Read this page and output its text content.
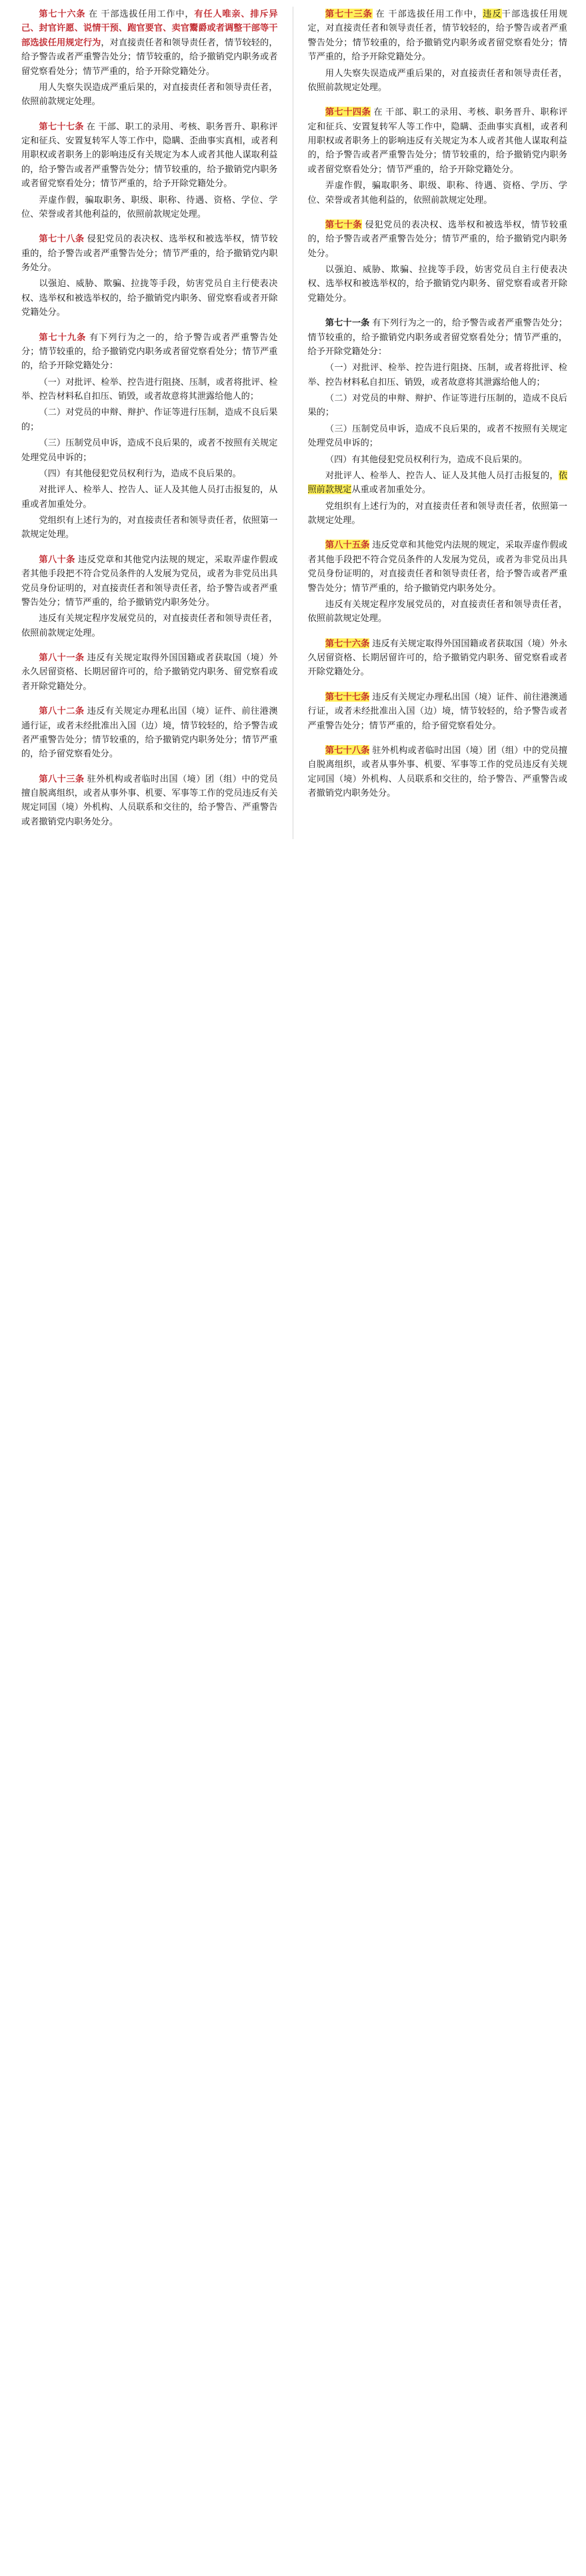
第七十六条 在 干部选拔任用工作中，有任人唯亲、排斥异己、封官许愿、说情干预、跑官要官、卖官鬻爵或者调整干部等干部选拔任用规定行为，对直接责任者和领导责任者，情节较轻的，给予警告或者严重警告处分；情节较重的，给予撤销党内职务或者留党察看处分；情节严重的，给予开除党籍处分。

用人失察失误造成严重后果的，对直接责任者和领导责任者，依照前款规定处理。

第七十七条 在 干部、职工的录用、考核、职务晋升、职称评定和征兵、安置复转军人等工作中，隐瞒、歪曲事实真相，或者利用职权或者职务上的影响违反有关规定为本人或者其他人谋取利益的，给予警告或者严重警告处分；情节较重的，给予撤销党内职务或者留党察看处分；情节严重的，给予开除党籍处分。

弄虚作假，骗取职务、职级、职称、待遇、资格、学位、学位、荣誉或者其他利益的，依照前款规定处理。

第七十八条 侵犯党员的表决权、选举权和被选举权，情节较重的，给予警告或者严重警告处分；情节严重的，给予撤销党内职务处分。

以强迫、威胁、欺骗、拉拢等手段，妨害党员自主行使表决权、选举权和被选举权的，给予撤销党内职务、留党察看或者开除党籍处分。

第七十九条 有下列行为之一的，给予警告或者严重警告处分；情节较重的，给予撤销党内职务或者留党察看处分；情节严重的，给予开除党籍处分：

（一）对批评、检举、控告进行阻挠、压制，或者将批评、检举、控告材料私自扣压、销毁，或者故意将其泄露给他人的；

（二）对党员的申辩、辩护、作证等进行压制，造成不良后果的；

（三）压制党员申诉，造成不良后果的，或者不按照有关规定处理党员申诉的；

（四）有其他侵犯党员权利行为，造成不良后果的。

对批评人、检举人、控告人、证人及其他人员打击报复的，从重或者加重处分。

党组织有上述行为的，对直接责任者和领导责任者，依照第一款规定处理。

第八十条 违反党章和其他党内法规的规定，采取弄虚作假或者其他手段把不符合党员条件的人发展为党员，或者为非党员出具党员身份证明的，对直接责任者和领导责任者，给予警告或者严重警告处分；情节严重的，给予撤销党内职务处分。

违反有关规定程序发展党员的，对直接责任者和领导责任者，依照前款规定处理。

第八十一条 违反有关规定取得外国国籍或者获取国（境）外永久居留资格、长期居留许可的，给予撤销党内职务、留党察看或者开除党籍处分。

第八十二条 违反有关规定办理私出国（境）证件、前往港澳通行证，或者未经批准出入国（边）境，情节较轻的，给予警告或者严重警告处分；情节较重的，给予撤销党内职务处分；情节严重的，给予留党察看处分。

第八十三条 驻外机构或者临时出国（境）团（组）中的党员擅自脱离组织，或者从事外事、机要、军事等工作的党员违反有关规定同国（境）外机构、人员联系和交往的，给予警告、严重警告或者撤销党内职务处分。

第七十三条 在 干部选拔任用工作中，违反干部选拔任用规定，对直接责任者和领导责任者，情节较轻的，给予警告或者严重警告处分；情节较重的，给予撤销党内职务或者留党察看处分；情节严重的，给予开除党籍处分。

用人失察失误造成严重后果的，对直接责任者和领导责任者，依照前款规定处理。

第七十四条 在 干部、职工的录用、考核、职务晋升、职称评定和征兵、安置复转军人等工作中，隐瞒、歪曲事实真相，或者利用职权或者职务上的影响违反有关规定为本人或者其他人谋取利益的，给予警告或者严重警告处分；情节较重的，给予撤销党内职务或者留党察看处分；情节严重的，给予开除党籍处分。

弄虚作假，骗取职务、职级、职称、待遇、资格、学历、学位、荣誉或者其他利益的，依照前款规定处理。

第七十条 侵犯党员的表决权、选举权和被选举权，情节较重的，给予警告或者严重警告处分；情节严重的，给予撤销党内职务处分。

以强迫、威胁、欺骗、拉拢等手段，妨害党员自主行使表决权、选举权和被选举权的，给予撤销党内职务、留党察看或者开除党籍处分。

第七十一条 有下列行为之一的，给予警告或者严重警告处分；情节较重的，给予撤销党内职务或者留党察看处分；情节严重的，给予开除党籍处分：

（一）对批评、检举、控告进行阻挠、压制，或者将批评、检举、控告材料私自扣压、销毁，或者故意将其泄露给他人的；

（二）对党员的申辩、辩护、作证等进行压制的，造成不良后果的；

（三）压制党员申诉，造成不良后果的，或者不按照有关规定处理党员申诉的；

（四）有其他侵犯党员权利行为，造成不良后果的。

对批评人、检举人、控告人、证人及其他人员打击报复的，依照前款规定从重或者加重处分。

党组织有上述行为的，对直接责任者和领导责任者，依照第一款规定处理。

第八十五条 违反党章和其他党内法规的规定，采取弄虚作假或者其他手段把不符合党员条件的人发展为党员，或者为非党员出具党员身份证明的，对直接责任者和领导责任者，给予警告或者严重警告处分；情节严重的，给予撤销党内职务处分。

违反有关规定程序发展党员的，对直接责任者和领导责任者，依照前款规定处理。

第七十六条 违反有关规定取得外国国籍或者获取国（境）外永久居留资格、长期居留许可的，给予撤销党内职务、留党察看或者开除党籍处分。

第七十七条 违反有关规定办理私出国（境）证件、前往港澳通行证，或者未经批准出入国（边）境，情节较轻的，给予警告或者严重警告处分；情节严重的，给予留党察看处分。

第七十八条 驻外机构或者临时出国（境）团（组）中的党员擅自脱离组织，或者从事外事、机要、军事等工作的党员违反有关规定同国（境）外机构、人员联系和交往的，给予警告、严重警告或者撤销党内职务处分。
